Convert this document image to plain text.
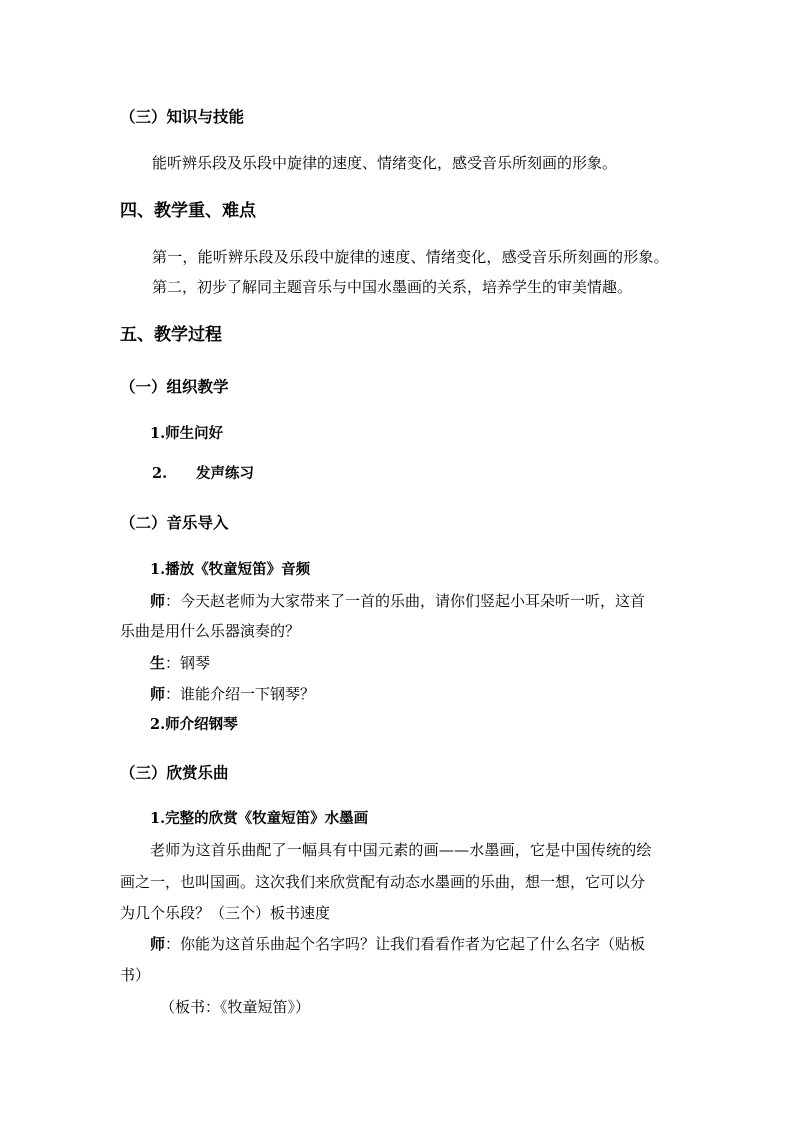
（三）知识与技能
能听辨乐段及乐段中旋律的速度、情绪变化，感受音乐所刻画的形象。
四、教学重、难点
第一，能听辨乐段及乐段中旋律的速度、情绪变化，感受音乐所刻画的形象。
第二，初步了解同主题音乐与中国水墨画的关系，培养学生的审美情趣。
五、教学过程
（一）组织教学
1.师生问好
2. 发声练习
（二）音乐导入
1.播放《牧童短笛》音频
师：今天赵老师为大家带来了一首的乐曲，请你们竖起小耳朵听一听，这首
乐曲是用什么乐器演奏的？
生：钢琴
师：谁能介绍一下钢琴？
2.师介绍钢琴
（三）欣赏乐曲
1.完整的欣赏《牧童短笛》水墨画
老师为这首乐曲配了一幅具有中国元素的画——水墨画，它是中国传统的绘
画之一，也叫国画。这次我们来欣赏配有动态水墨画的乐曲，想一想，它可以分
为几个乐段？（三个）板书速度
师：你能为这首乐曲起个名字吗？让我们看看作者为它起了什么名字（贴板
书）
（板书：《牧童短笛》）
